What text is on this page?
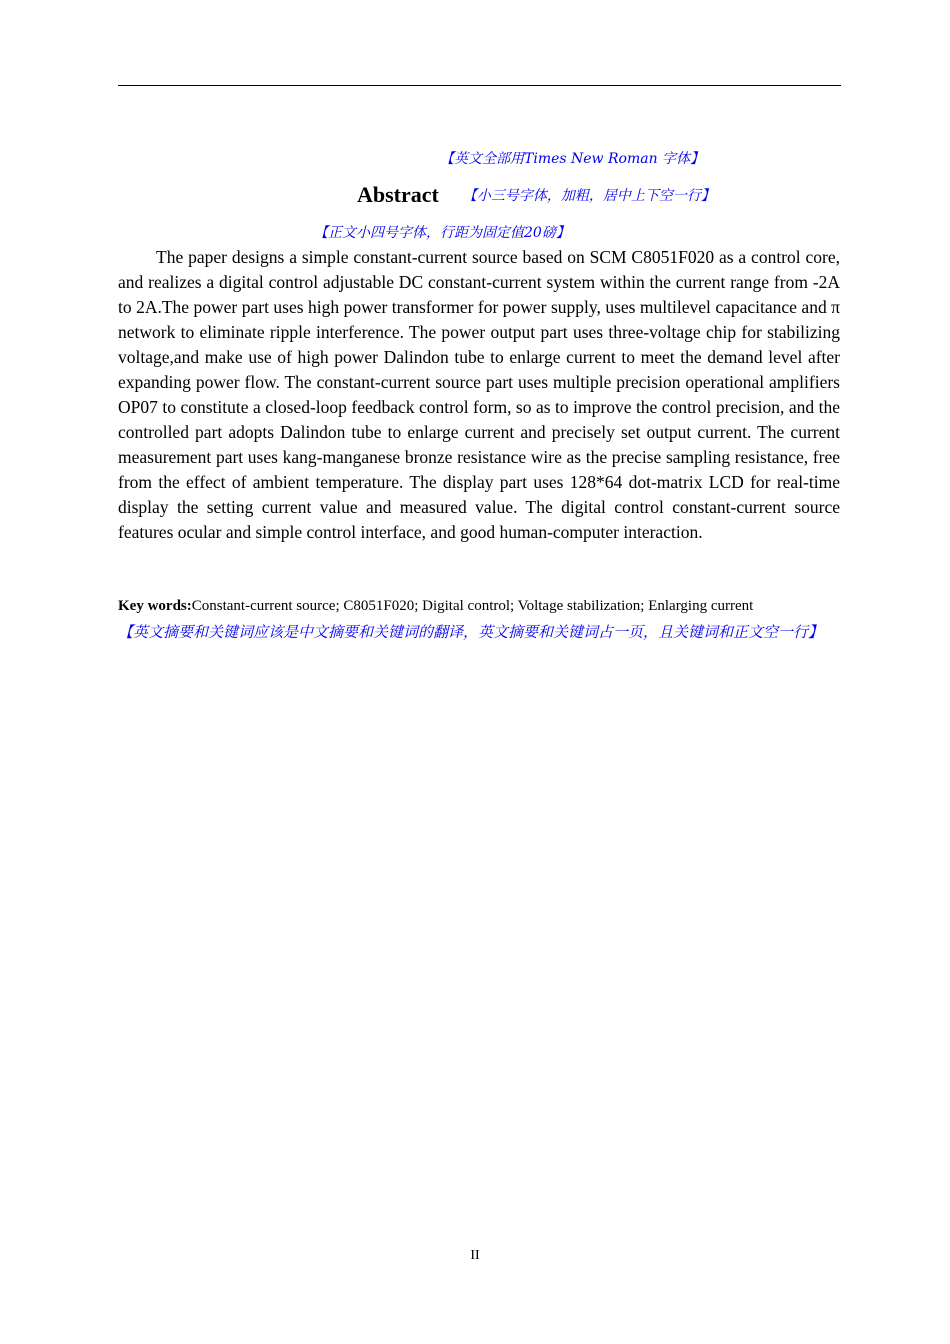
【英文全部用Times New Roman 字体】
Abstract 【小三号字体，加粗，居中上下空一行】
【正文小四号字体，行距为固定值20磅】
The paper designs a simple constant-current source based on SCM C8051F020 as a control core, and realizes a digital control adjustable DC constant-current system within the current range from -2A to 2A.The power part uses high power transformer for power supply, uses multilevel capacitance and π network to eliminate ripple interference. The power output part uses three-voltage chip for stabilizing voltage,and make use of high power Dalindon tube to enlarge current to meet the demand level after expanding power flow. The constant-current source part uses multiple precision operational amplifiers OP07 to constitute a closed-loop feedback control form, so as to improve the control precision, and the controlled part adopts Dalindon tube to enlarge current and precisely set output current. The current measurement part uses kang-manganese bronze resistance wire as the precise sampling resistance, free from the effect of ambient temperature. The display part uses 128*64 dot-matrix LCD for real-time display the setting current value and measured value. The digital control constant-current source features ocular and simple control interface, and good human-computer interaction.
Key words:Constant-current source; C8051F020; Digital control; Voltage stabilization; Enlarging current
【英文摘要和关键词应该是中文摘要和关键词的翻译，英文摘要和关键词占一页，且关键词和正文空一行】
II
